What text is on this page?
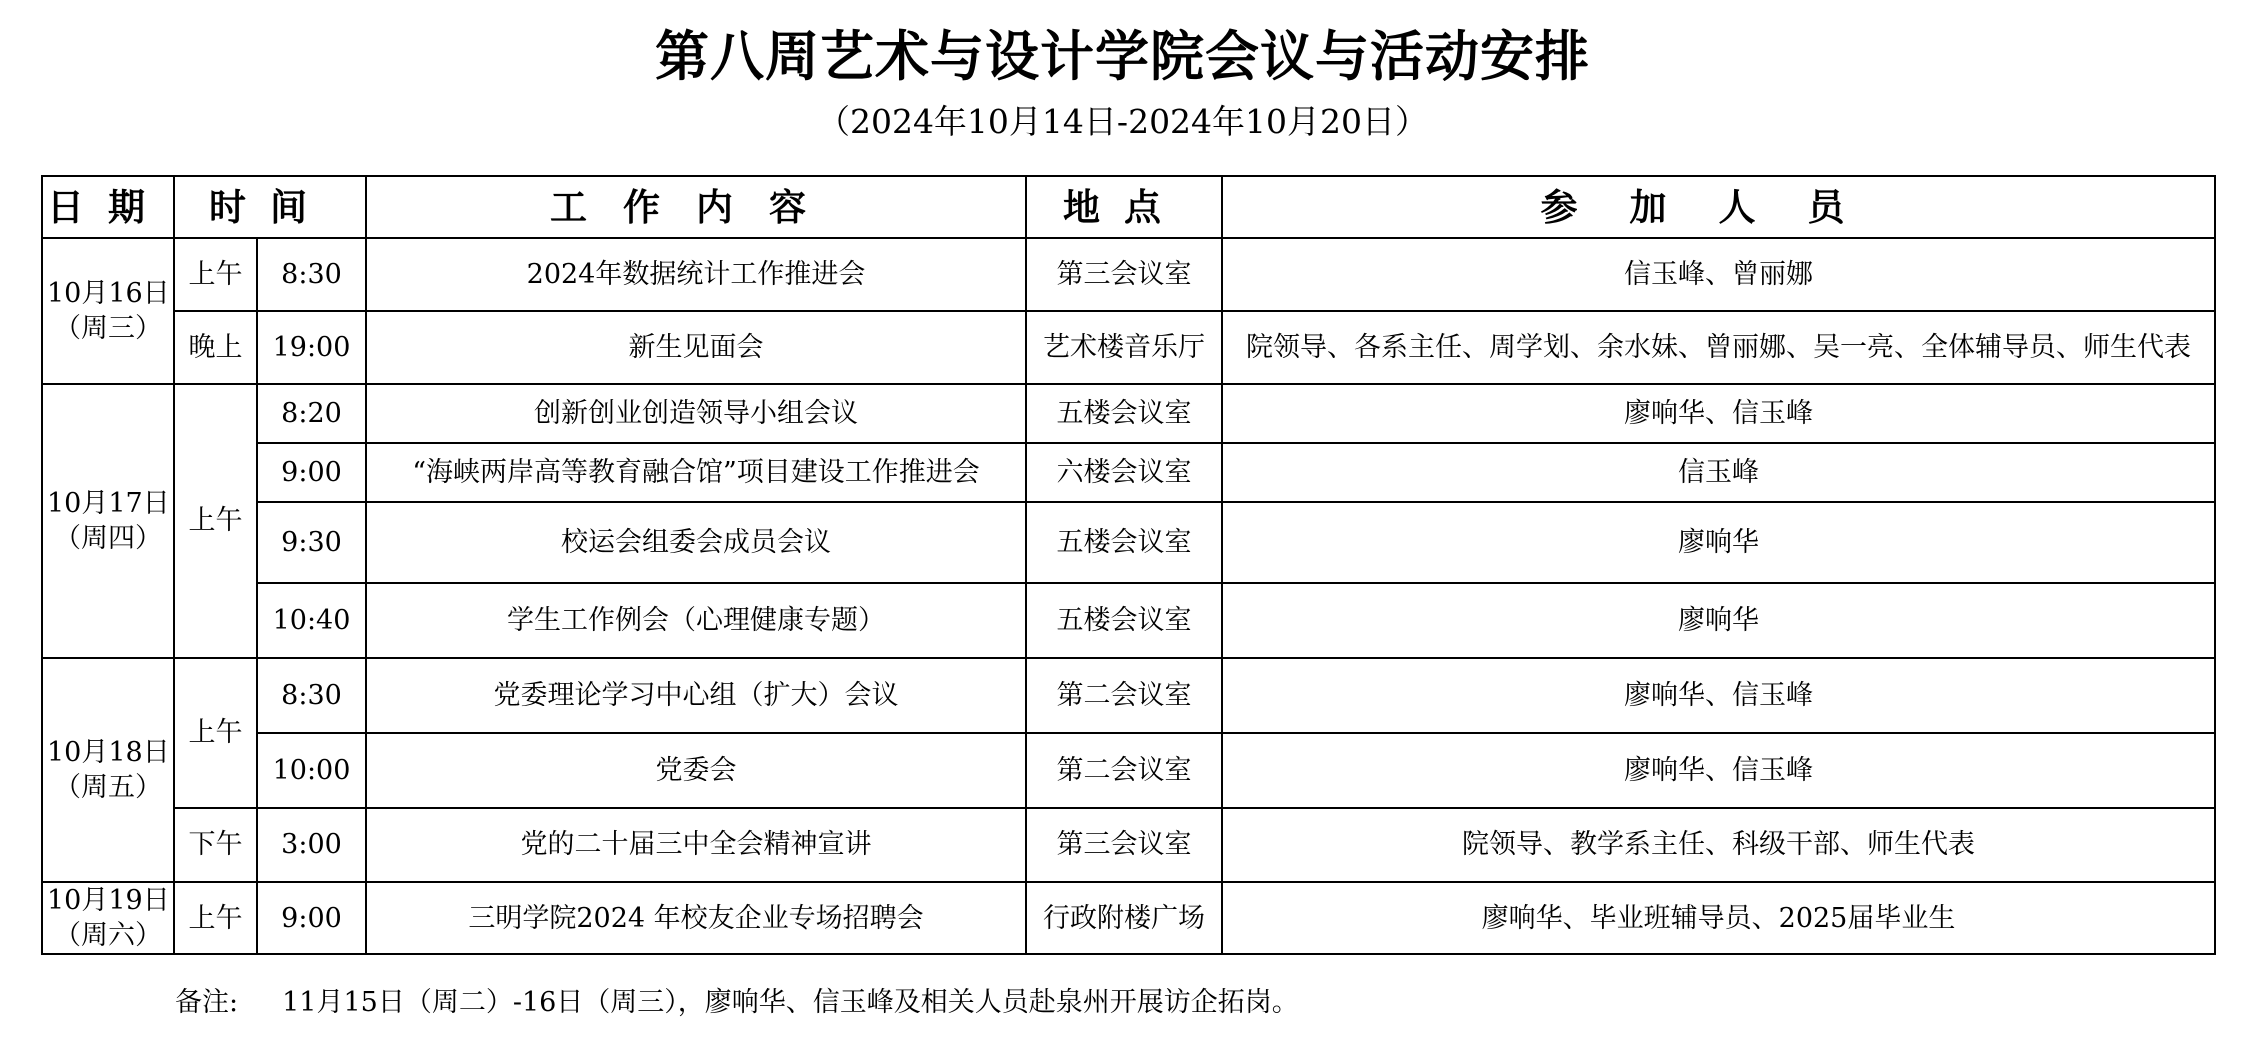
第八周艺术与设计学院会议与活动安排
（2024年10月14日-2024年10月20日）
日期	时间		工作内容	地点	参加人员

10月16日
（周三）	上午	8:30	2024年数据统计工作推进会	第三会议室	信玉峰、曾丽娜
	晚上	19:00	新生见面会	艺术楼音乐厅	院领导、各系主任、周学划、余水妹、曾丽娜、吴一亮、全体辅导员、师生代表

10月17日
（周四）	上午	8:20	创新创业创造领导小组会议	五楼会议室	廖响华、信玉峰
		9:00	“海峡两岸高等教育融合馆”项目建设工作推进会	六楼会议室	信玉峰
		9:30	校运会组委会成员会议	五楼会议室	廖响华
		10:40	学生工作例会（心理健康专题）	五楼会议室	廖响华

10月18日
（周五）	上午	8:30	党委理论学习中心组（扩大）会议	第二会议室	廖响华、信玉峰
		10:00	党委会	第二会议室	廖响华、信玉峰
	下午	3:00	党的二十届三中全会精神宣讲	第三会议室	院领导、教学系主任、科级干部、师生代表

10月19日
（周六）	上午	9:00	三明学院2024 年校友企业专场招聘会	行政附楼广场	廖响华、毕业班辅导员、2025届毕业生
备注: 11月15日（周二）-16日（周三），廖响华、信玉峰及相关人员赴泉州开展访企拓岗。
